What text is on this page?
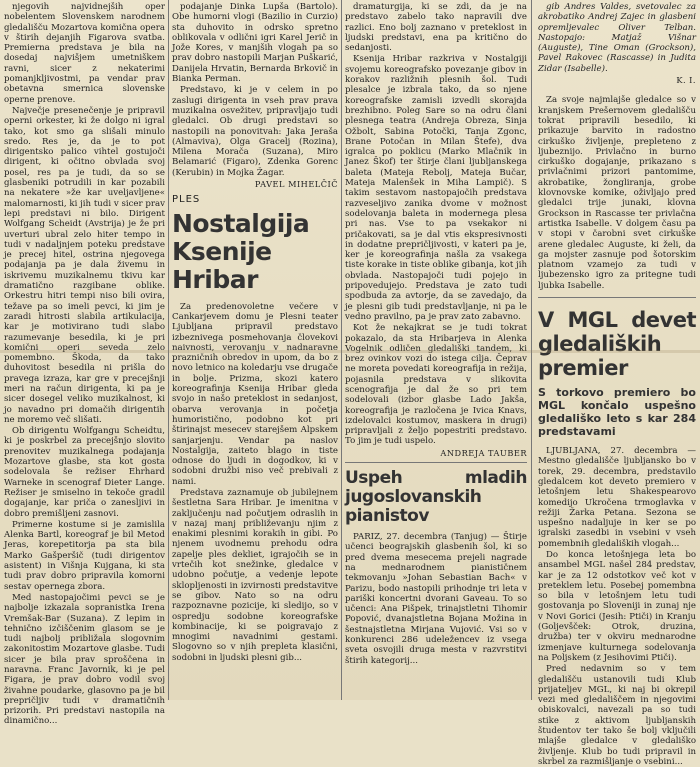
njegovih najvidnejših oper nobelentem Slovenskem narodnem gledališču Mozartova komična opera v štirih dejanjih Figarova svatba. Premierna predstava je bila na dosedaj najvišjem umetniškem ravni, sicer z nekaterimi pomanjkljivostmi, pa vendar prav obetavna smernica slovenske operne prenove.

Največje presenečenje je pripravil operni orkester, ki že dolgo ni igral tako, kot smo ga slišali minulo sredo. Res je, da je to pot dirigentsko palico vihtel gostujoči dirigent, ki očitno obvlada svoj posel, res pa je tudi, da so se glasbeniki potrudili in kar pozabili na nekatere »že kar uveljavljene« malomarnosti, ki jih tudi v sicer prav lepi predstavi ni bilo. Dirigent Wolfgang Scheidt (Avstrija) je že pri uverturi ubral zelo hiter tempo in tudi v nadaljnjem poteku predstave je precej hitel, ostrina njegovega podajanja pa je dala živemu in iskrivemu muzikalnemu tkivu kar dramatično razgibane oblike. Orkestru hitri tempi niso bili ovira, težave pa so imeli pevci, ki jim je zaradi hitrosti slabila artikulacija, kar je motivirano tudi slabo razumevanje besedila, ki je pri komični operi seveda zelo pomembno. Škoda, da tako duhovitost besedila ni prišla do pravega izraza, kar gre v precejšnji meri na račun dirigenta, ki pa je sicer dosegel veliko muzikalnost, ki jo navadno pri domačih dirigentih ne moremo več slišati.

Ob dirigentu Wolfgangu Scheidtu, ki je poskrbel za precejšnjo slovito prenovitev muzikalnega podajanja Mozartove glasbe, sta kot gosta sodelovala še režiser Ehrhard Warneke in scenograf Dieter Lange. Režiser je smiselno in tekoče gradil dogajanje, kar priča o zanesljivi in dobro premišljeni zasnovi.

Primerne kostume si je zamislila Alenka Bartl, koreograf je bil Metod Jeras, korepetitorja pa sta bila Marko Gašperšič (tudi dirigentov asistent) in Višnja Kujgana, ki sta tudi prav dobro pripravila komorni sestav opernega zbora.

Med nastopajočimi pevci se je najbolje izkazala sopranistka Irena Vremšak-Bar (Suzana). Z lepim in tehnično izčiščenim glasom se je tudi najbolj približala slogovnim zakonitostim Mozartove glasbe. Tudi sicer je bila prav sproščena in naravna. Franc Javornik, ki je pel Figara, je prav dobro vodil svoj živahne poudarke, glasovno pa je bil prepričljiv tudi v dramatičnih prizorih. Pri predstavi nastopila na dinamično...

podajanje Dinka Lupša (Bartolo). Obe humorni vlogi (Bazilio in Curzio) sta duhovito in odrsko spretno oblikovala v odlični igri Karel Jerič in Jože Kores, v manjših vlogah pa so prav dobro nastopili Marjan Puškarić, Danijela Hrvatin, Bernarda Brkovič in Bianka Perman.

Predstavo, ki je v celem in po zaslugi dirigenta in vseh prav prava muzikalna osvežitev, pripravljajo tudi gledalci. Ob drugi predstavi so nastopili na ponovitvah: Jaka Jeraša (Almaviva), Olga Gracelj (Rozina), Milena Morača (Suzana), Miro Belamarić (Figaro), Zdenka Gorenc (Kerubin) in Mojka Žagar.

PAVEL MIHELČIČ
PLES
Nostalgija Ksenije Hribar

Za predenovoletne večere v Cankarjevem domu je Plesni teater Ljubljana pripravil predstavo izbeznivega posmehovanja človekovi naivnosti, verovanju v nadnaravne prazničnih obredov in upom, da bo z novo letnico na koledarju vse drugače in bolje. Prizma, skozi katero koreografinja Ksenija Hribar gleda svojo in našo preteklost in sedanjost, obarva verovanja in početja humoristično, podobno kot pri štirinajst mesecev starejšem Alpskem sanjarjenju. Vendar pa naslov Nostalgija, zaiteto blago in tiste odnose do ljudi in dogodkov, ki v sodobni družbi niso več prebivali z nami.

Predstava zaznamuje ob jubilejnem šestletna Sara Hribar. Je imenitna v zaključenju nad počutjem odraslih in v nazaj manj približevanju njim z enakimi plesnimi korakih in gibi. Po njenem uvodnemu prehodu odra zapelje ples dekliet, igrajočih se in vrtečih kot snežinke, gledalce v udobno počutje, a vedenje lepote sklopljenosti in izvirnosti predstavitve se gibov. Nato so na odru razpoznavne pozicije, ki sledijo, so v ospredju sodobne koreografske kombinacije, ki se poigravajo z mnogimi navadnimi gestami. Slogovno so v njih prepleta klasični, sodobni in ljudski plesni gib...

dramaturgija, ki se zdi, da je na predstavo zabelo tako napravili dve razlici. Eno bolj zaznano v preteklost in ljudski predstavi, ena pa kritično do sedanjosti.

Ksenija Hribar razkriva v Nostalgiji svojemu koreografsko povezanje gibov in korakov razližnih plesnih šol. Tudi plesalce je izbrala tako, da so njene koreografske zamisli izvedli skorajda brezhibno. Poleg Sare so na odru člani plesnega teatra (Andreja Obreza, Sinja Ožbolt, Sabina Potočki, Tanja Zgonc, Brane Potočan in Milan Štefe), dva igralca po poklicu (Marko Mlačnik in Janez Škof) ter štirje člani ljubljanskega baleta (Mateja Rebolj, Mateja Bučar, Mateja Malenšek in Miha Lampič). S takim sestavom nastopajočih predstava razveseljivo zanika dvome v možnost sodelovanja baleta in modernega plesa pri nas. Vse to pa vsekakor ni pričakovati, sa je dal vtis ekspresivnosti in dodatne prepričljivosti, v kateri pa je, ker je koreografinja našla za vsakega tiste korake in tiste oblike gibanja, kot jih obvlada. Nastopajoči tudi pojejo in pripovedujejo. Predstava je zato tudi spodbuda za avtorje, da se zavedajo, da je plesni gib tudi predstavljanje, ni pa le vedno pravilno, pa je prav zato zabavno.

Kot že nekajkrat se je tudi tokrat pokazalo, da sta Hribarjeva in Alenka Vogelnik odličen gledališki tandem, ki brez ovinkov vozi do istega cilja. Čeprav ne moreta povedati koreografija in režija, pojasnila predstava v slikovita scenografija je dal že so pri tem sodelovali (izbor glasbe Lado Jakša, koreografija je razločena je Ivica Knavs, izdelovalci kostumov, maskera in drugi) pripravljali z željo popestriti predstavo. To jim je tudi uspelo.

ANDREJA TAUBER
Uspeh mladih jugoslovanskih pianistov

PARIZ, 27. decembra (Tanjug) — Štirje učenci beograjskih glasbenih šol, ki so pred dvema mesecema prejeli nagrade na mednarodnem pianističnem tekmovanju »Johan Sebastian Bach« v Parizu, bodo nastopili prihodnje tri leta v pariški koncertni dvorani Gaveau. To so učenci: Ana Pišpek, trinajstletni Tihomir Popović, dvanajstletna Bojana Možina in šestnajstletna Mirjana Vujović. Vsi so v konkurenci 286 udeležencev iz vsega sveta osvojili druga mesta v razvrstitvi štirih kategorij...

gib Andres Valdes, svetovalec za akrobatiko Andrej Zajec in glasbeni opremljevalec Oliver Telban. Nastopajo: Matjaž Višnar (Auguste), Tine Oman (Grockson), Pavel Rakovec (Rascasse) in Judita Zidar (Isabelle).

K. I.

Za svoje najmlajše gledalce so v kranjskem Prešernovem gledališču tokrat pripravili besedilo, ki prikazuje barvito in radostno cirkuško življenje, prepleteno z ljubeznijo. Privlačno in burno cirkuško dogajanje, prikazano s privlačnimi prizori pantomime, akrobatike, žongliranja, grobe klovnovske komike, oživljajo pred gledalci trije junaki, klovna Grockson in Rascasse ter privlačna artistka Isabelle. V dolgem času pa v stopi v čarobni svet cirkuške arene gledalec Auguste, ki želi, da ga mojster zasnuje pod šotorskim platnom vzamejo za tudi v ljubezensko igro za pritegne tudi ljubka Isabelle.

V MGL devet gledaliških premier
S torkovo premiero bo MGL končalo uspešno gledališko leto s kar 284 predstavami

LJUBLJANA, 27. decembra — Mestno gledališče ljubljansko bo v torek, 29. decembra, predstavilo gledalcem kot deveto premiero v letošnjem letu Shakespearovo komedijo Ukročena trmoglavka v režiji Žarka Petana. Sezona se uspešno nadaljuje in ker se po igralski zasedbi in vsebini v vseh pomembnih gledaliških vlogah...

Do konca letošnjega leta bo ansambel MGL našel 284 predstav, kar je za 12 odstotkov več kot v preteklem letu. Posebej pomembna so bila v letošnjem letu tudi gostovanja po Sloveniji in zunaj nje v Novi Gorici (Jesih: Ptiči) in Kranju (Goljevšček: Otrok, druzina, družba) ter v okviru mednarodne izmenjave kulturnega sodelovanja na Poljskem (z Jesihovimi Ptiči).

Pred nedavnim so v tem gledališču ustanovili tudi Klub prijateljev MGL, ki naj bi okrepil vezi med gledališčem in njegovimi obiskovalci, navezali pa so tudi stike z aktivom ljubljanskih študentov ter tako še bolj vključili mlajše gledalce v gledališko življenje. Klub bo tudi pripravil in skrbel za razmišljanje o vsebini...
